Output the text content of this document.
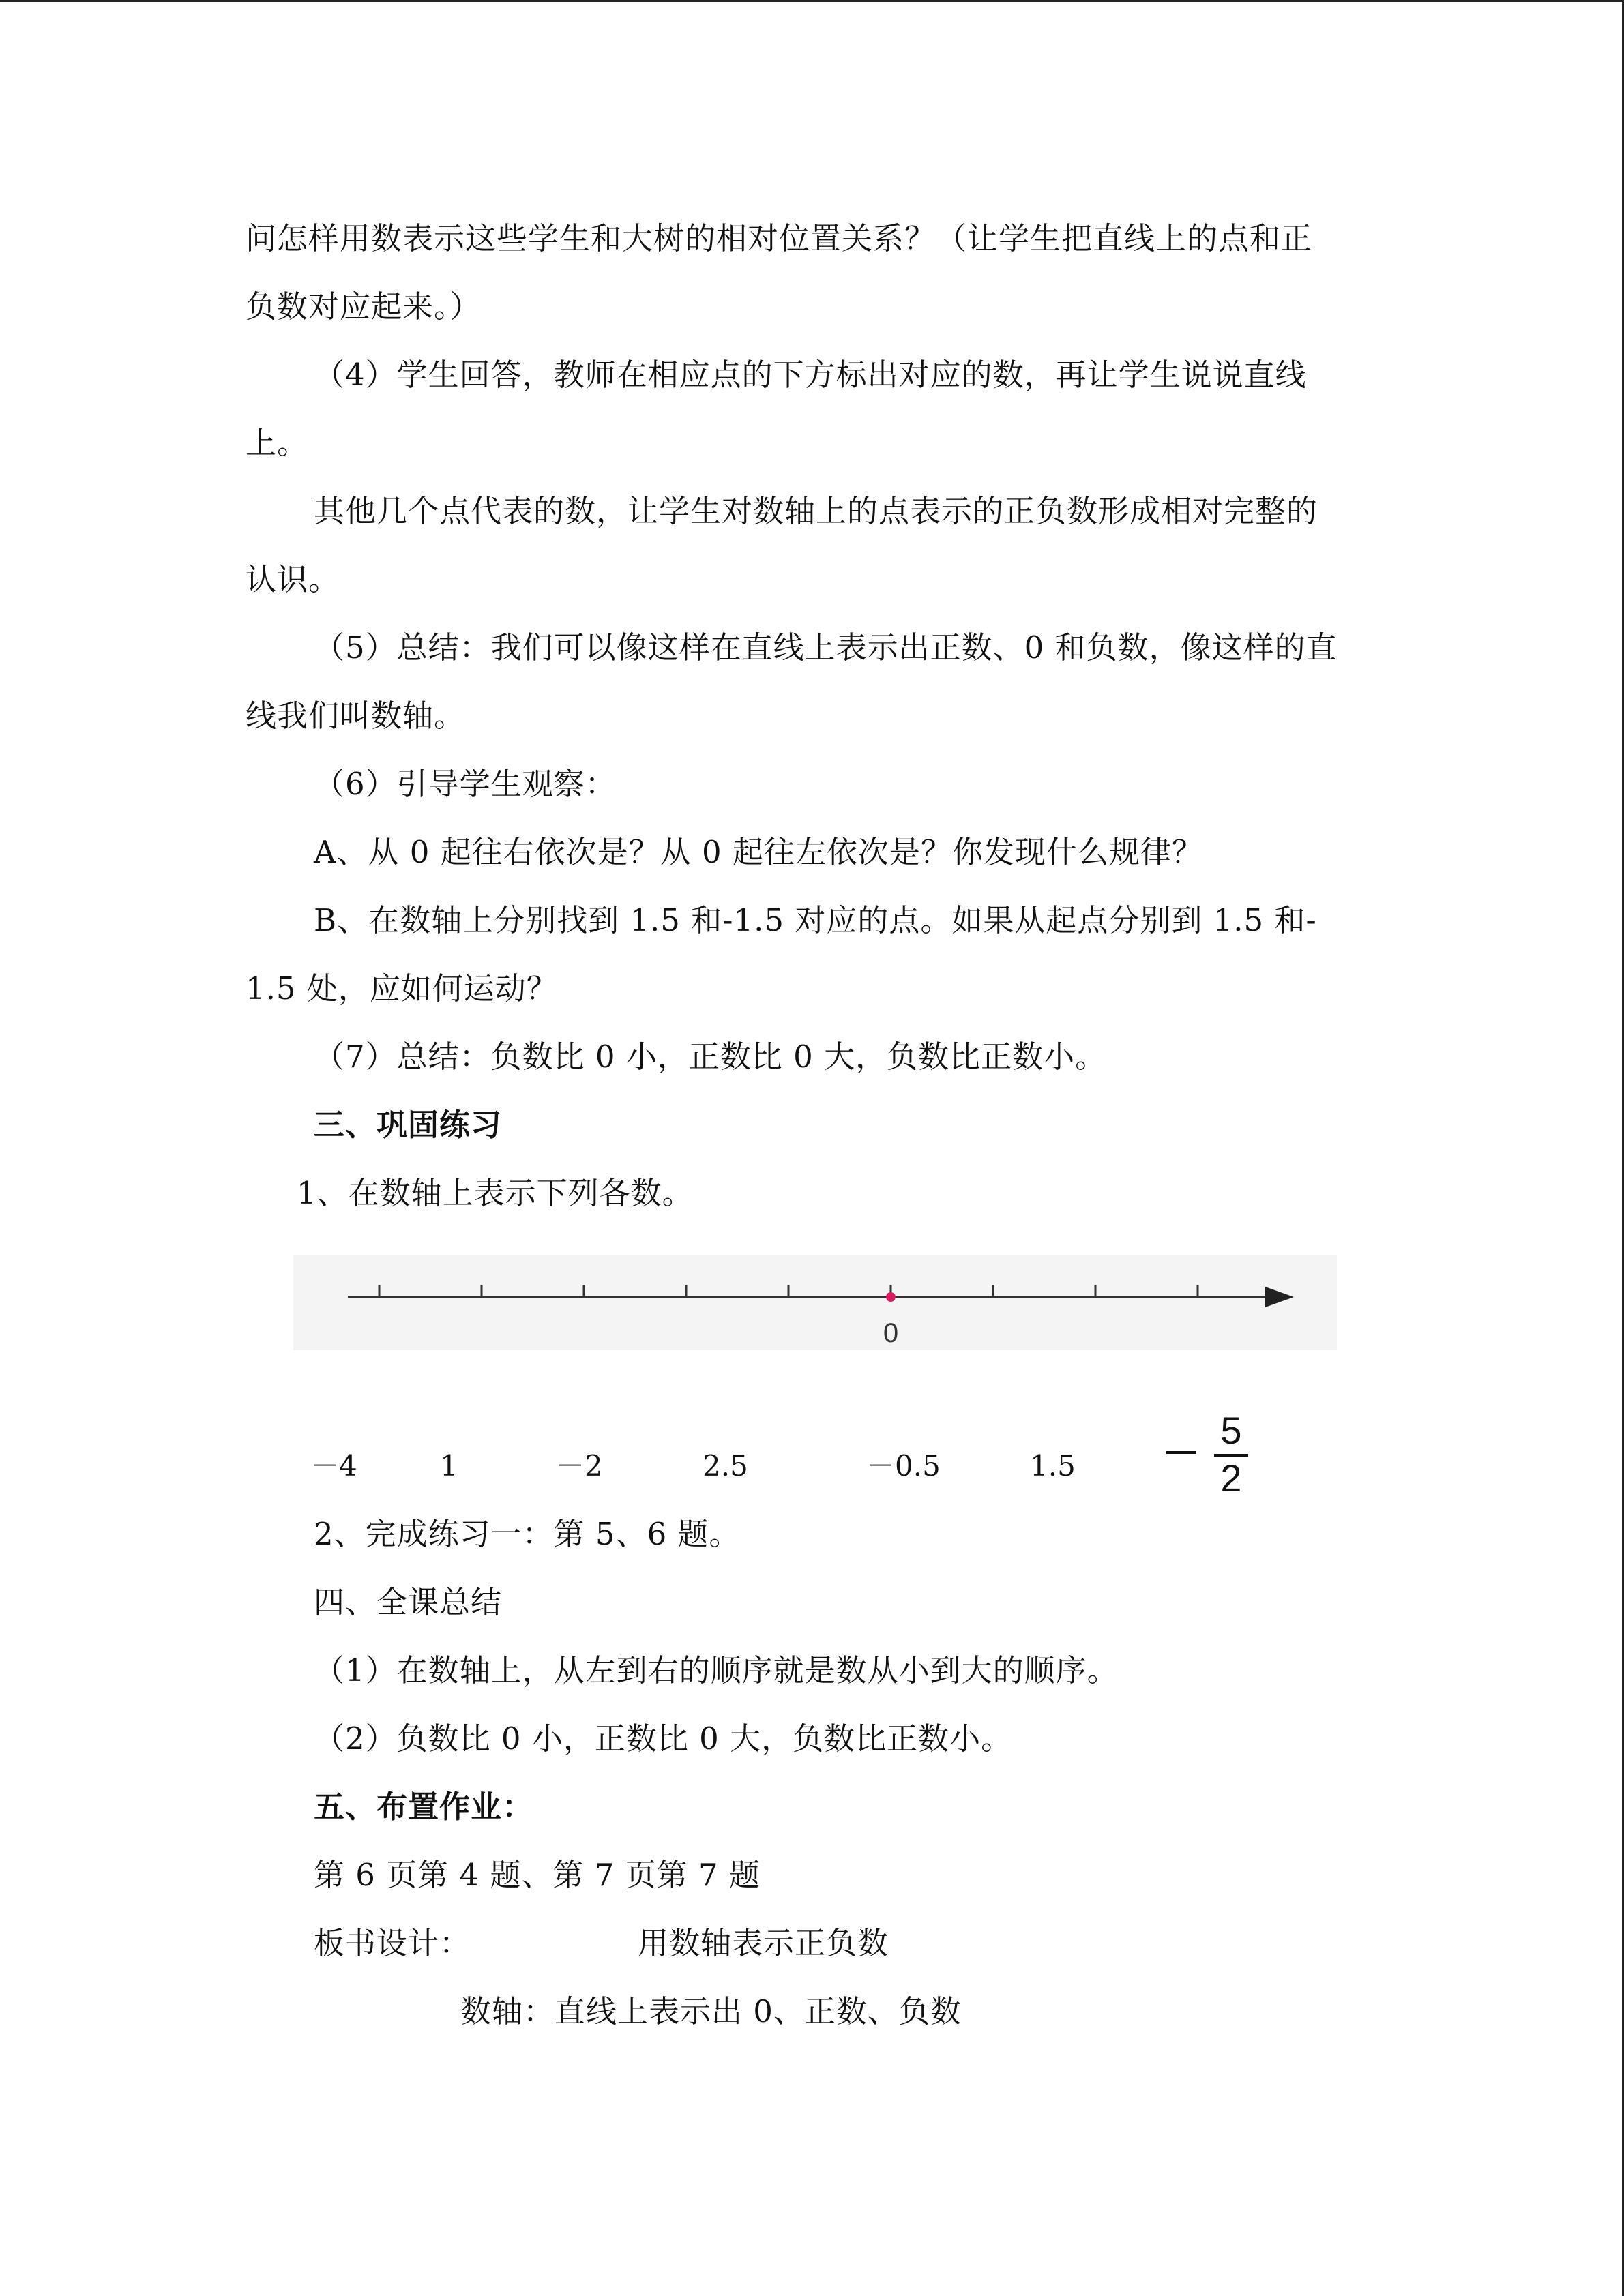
问怎样用数表示这些学生和大树的相对位置关系？（让学生把直线上的点和正

负数对应起来。）

（4）学生回答，教师在相应点的下方标出对应的数，再让学生说说直线

上。

其他几个点代表的数，让学生对数轴上的点表示的正负数形成相对完整的

认识。

（5）总结：我们可以像这样在直线上表示出正数、0 和负数，像这样的直

线我们叫数轴。

（6）引导学生观察：

A、从 0 起往右依次是？从 0 起往左依次是？你发现什么规律？

B、在数轴上分别找到 1.5 和-1.5 对应的点。如果从起点分别到 1.5 和-

1.5 处，应如何运动？

（7）总结：负数比 0 小，正数比 0 大，负数比正数小。

三、巩固练习

1、在数轴上表示下列各数。

0

－4	1	－2	2.5	－0.5	1.5

5
2

2、完成练习一：第 5、6 题。

四、全课总结

（1）在数轴上，从左到右的顺序就是数从小到大的顺序。

（2）负数比 0 小，正数比 0 大，负数比正数小。

五、布置作业：

第 6 页第 4 题、第 7 页第 7 题

板书设计：	用数轴表示正负数

数轴：直线上表示出 0、正数、负数
